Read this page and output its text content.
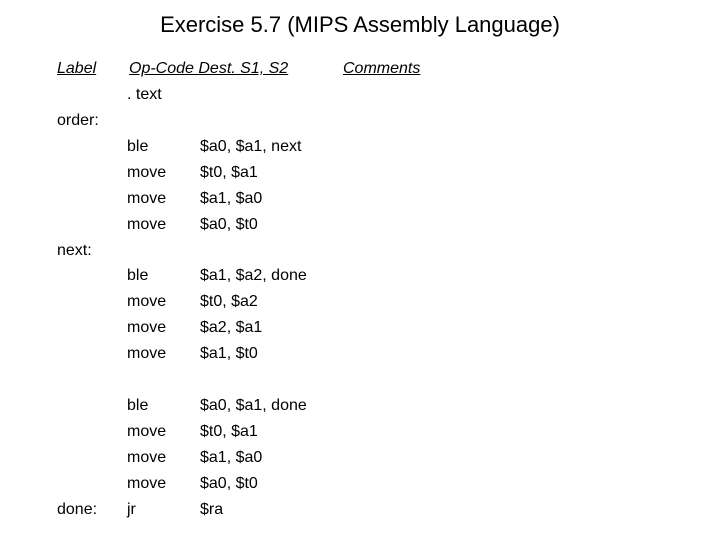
Exercise 5.7 (MIPS Assembly Language)
Label Op-Code Dest. S1, S2	Comments
. text
order:
ble	$a0, $a1, next
move $t0, $a1
move $a1, $a0
move $a0, $t0
next:
ble	$a1, $a2, done
move $t0, $a2
move $a2, $a1
move $a1, $t0
ble	$a0, $a1, done
move $t0, $a1
move $a1, $a0
move $a0, $t0
done: jr	$ra
